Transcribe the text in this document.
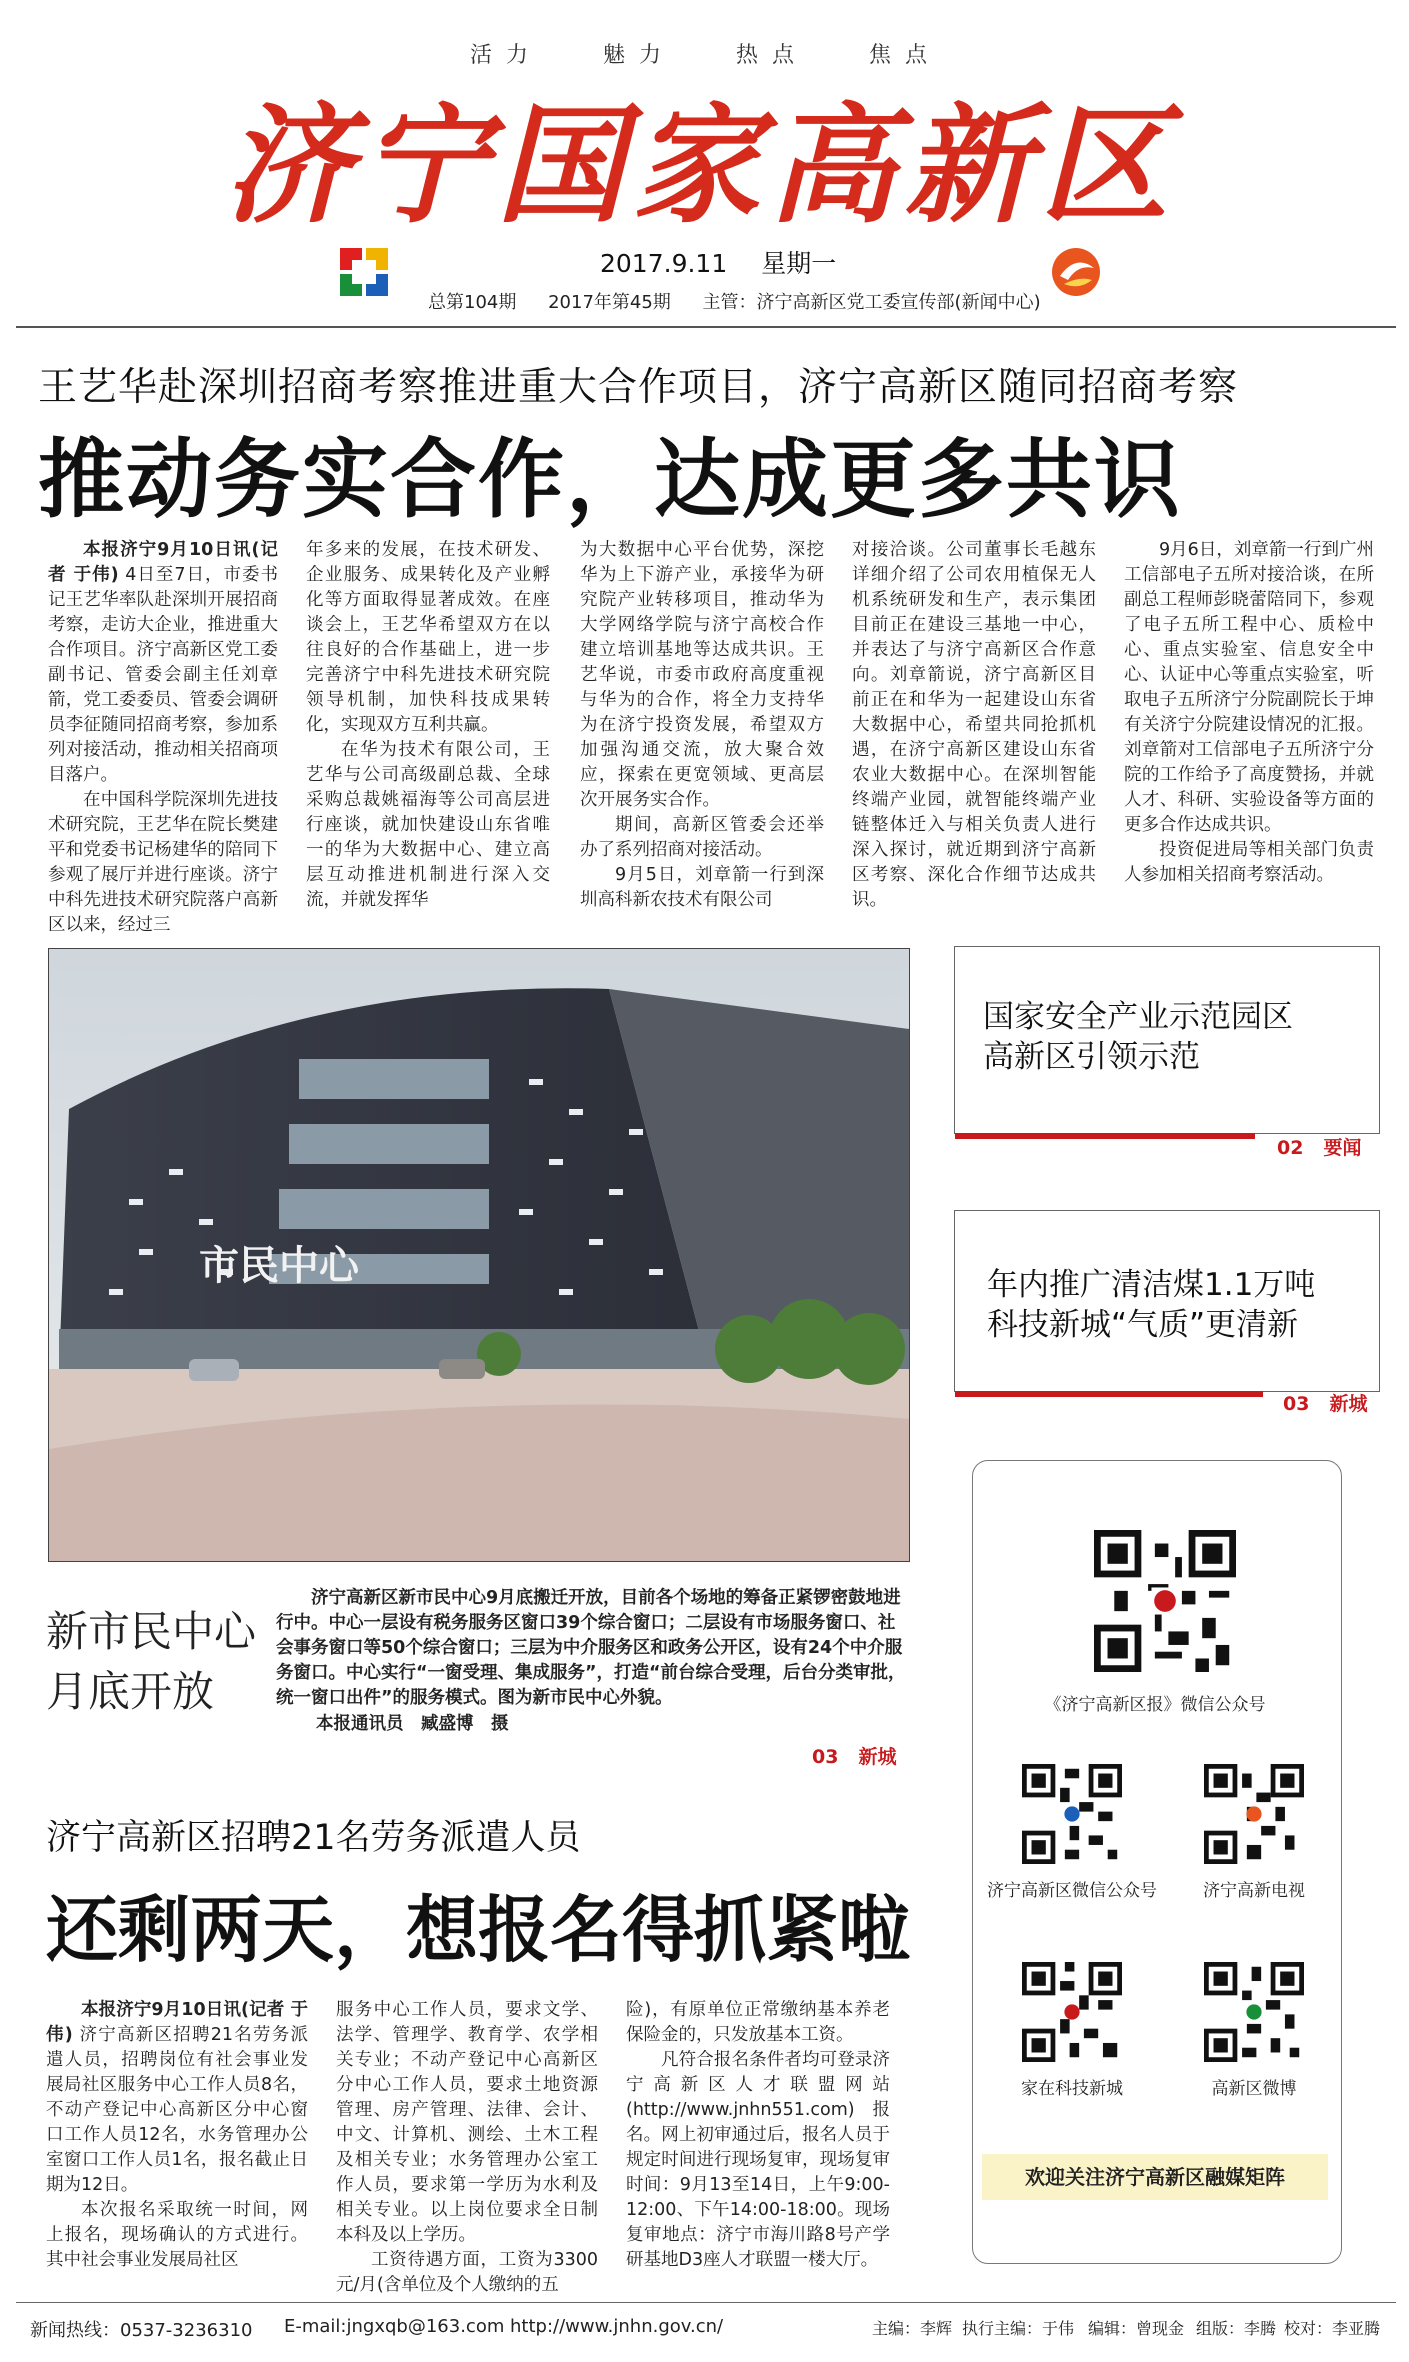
活力	魅力	热点	焦点
济宁国家高新区
2017.9.11 星期一
总第104期 2017年第45期 主管：济宁高新区党工委宣传部(新闻中心)
王艺华赴深圳招商考察推进重大合作项目，济宁高新区随同招商考察
推动务实合作，达成更多共识

本报济宁9月10日讯(记者 于伟) 4日至7日，市委书记王艺华率队赴深圳开展招商考察，走访大企业，推进重大合作项目。济宁高新区党工委副书记、管委会副主任刘章箭，党工委委员、管委会调研员李征随同招商考察，参加系列对接活动，推动相关招商项目落户。

在中国科学院深圳先进技术研究院，王艺华在院长樊建平和党委书记杨建华的陪同下参观了展厅并进行座谈。济宁中科先进技术研究院落户高新区以来，经过三

年多来的发展，在技术研发、企业服务、成果转化及产业孵化等方面取得显著成效。在座谈会上，王艺华希望双方在以往良好的合作基础上，进一步完善济宁中科先进技术研究院领导机制，加快科技成果转化，实现双方互利共赢。

在华为技术有限公司，王艺华与公司高级副总裁、全球采购总裁姚福海等公司高层进行座谈，就加快建设山东省唯一的华为大数据中心、建立高层互动推进机制进行深入交流，并就发挥华

为大数据中心平台优势，深挖华为上下游产业，承接华为研究院产业转移项目，推动华为大学网络学院与济宁高校合作建立培训基地等达成共识。王艺华说，市委市政府高度重视与华为的合作，将全力支持华为在济宁投资发展，希望双方加强沟通交流，放大聚合效应，探索在更宽领域、更高层次开展务实合作。

期间，高新区管委会还举办了系列招商对接活动。

9月5日，刘章箭一行到深圳高科新农技术有限公司

对接洽谈。公司董事长毛越东详细介绍了公司农用植保无人机系统研发和生产，表示集团目前正在建设三基地一中心，并表达了与济宁高新区合作意向。刘章箭说，济宁高新区目前正在和华为一起建设山东省大数据中心，希望共同抢抓机遇，在济宁高新区建设山东省农业大数据中心。在深圳智能终端产业园，就智能终端产业链整体迁入与相关负责人进行深入探讨，就近期到济宁高新区考察、深化合作细节达成共识。

9月6日，刘章箭一行到广州工信部电子五所对接洽谈，在所副总工程师彭晓蕾陪同下，参观了电子五所工程中心、质检中心、重点实验室、信息安全中心、认证中心等重点实验室，听取电子五所济宁分院副院长于坤有关济宁分院建设情况的汇报。刘章箭对工信部电子五所济宁分院的工作给予了高度赞扬，并就人才、科研、实验设备等方面的更多合作达成共识。

投资促进局等相关部门负责人参加相关招商考察活动。

市民中心
国家安全产业示范园区
高新区引领示范
02 要闻
年内推广清洁煤1.1万吨
科技新城“气质”更清新
03 新城
新市民中心
月底开放
济宁高新区新市民中心9月底搬迁开放，目前各个场地的筹备正紧锣密鼓地进行中。中心一层设有税务服务区窗口39个综合窗口；二层设有市场服务窗口、社会事务窗口等50个综合窗口；三层为中介服务区和政务公开区，设有24个中介服务窗口。中心实行“一窗受理、集成服务”，打造“前台综合受理，后台分类审批，统一窗口出件”的服务模式。图为新市民中心外貌。
本报通讯员　臧盛博　摄
03 新城
济宁高新区招聘21名劳务派遣人员
还剩两天，想报名得抓紧啦

本报济宁9月10日讯(记者 于伟) 济宁高新区招聘21名劳务派遣人员，招聘岗位有社会事业发展局社区服务中心工作人员8名，不动产登记中心高新区分中心窗口工作人员12名，水务管理办公室窗口工作人员1名，报名截止日期为12日。

本次报名采取统一时间，网上报名，现场确认的方式进行。其中社会事业发展局社区

服务中心工作人员，要求文学、法学、管理学、教育学、农学相关专业；不动产登记中心高新区分中心工作人员，要求土地资源管理、房产管理、法律、会计、中文、计算机、测绘、土木工程及相关专业；水务管理办公室工作人员，要求第一学历为水利及相关专业。以上岗位要求全日制本科及以上学历。

工资待遇方面，工资为3300元/月(含单位及个人缴纳的五

险)，有原单位正常缴纳基本养老保险金的，只发放基本工资。

凡符合报名条件者均可登录济宁高新区人才联盟网站(http://www.jnhn551.com)报名。网上初审通过后，报名人员于规定时间进行现场复审，现场复审时间：9月13至14日，上午9:00-12:00、下午14:00-18:00。现场复审地点：济宁市海川路8号产学研基地D3座人才联盟一楼大厅。

《济宁高新区报》微信公众号
济宁高新区微信公众号	济宁高新电视
家在科技新城	高新区微博
欢迎关注济宁高新区融媒矩阵
新闻热线：0537-3236310 E-mail:jngxqb@163.com http://www.jnhn.gov.cn/	主编：李辉 执行主编：于伟 编辑：曾现金 组版：李腾 校对：李亚腾
